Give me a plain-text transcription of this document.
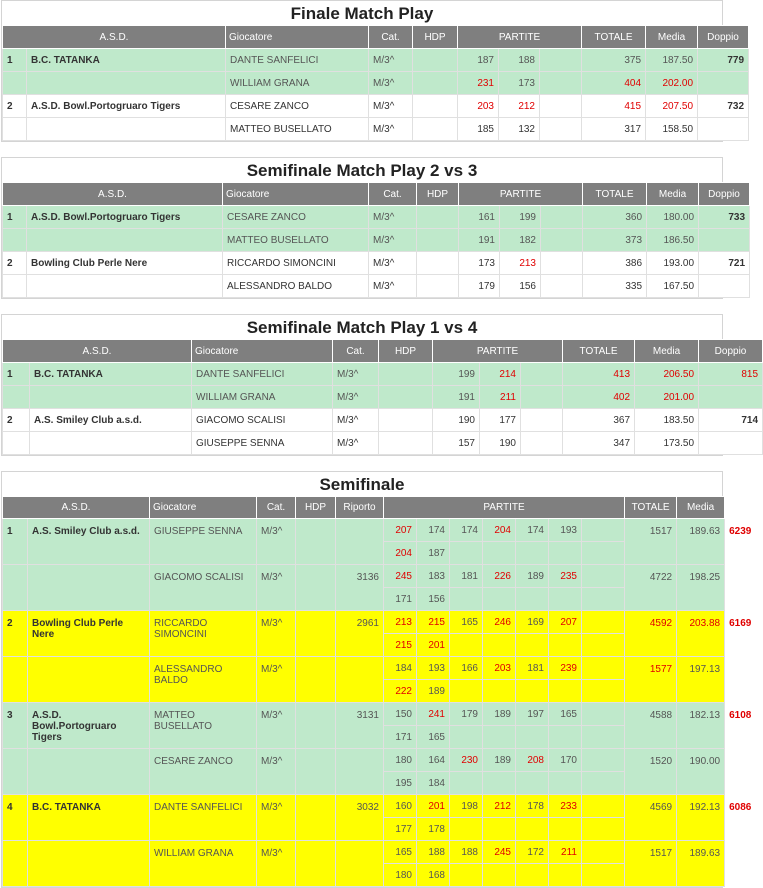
Finale Match Play
A.S.D.		Giocatore	Cat.	HDP	PARTITE			TOTALE	Media	Doppio
1	B.C. TATANKA	DANTE SANFELICI	M/3^		187	188		375	187.50	779
		WILLIAM GRANA	M/3^		231	173		404	202.00	
2	A.S.D. Bowl.Portogruaro Tigers	CESARE ZANCO	M/3^		203	212		415	207.50	732
		MATTEO BUSELLATO	M/3^		185	132		317	158.50	
Semifinale Match Play 2 vs 3
A.S.D.		Giocatore	Cat.	HDP	PARTITE			TOTALE	Media	Doppio
1	A.S.D. Bowl.Portogruaro Tigers	CESARE ZANCO	M/3^		161	199		360	180.00	733
		MATTEO BUSELLATO	M/3^		191	182		373	186.50	
2	Bowling Club Perle Nere	RICCARDO SIMONCINI	M/3^		173	213		386	193.00	721
		ALESSANDRO BALDO	M/3^		179	156		335	167.50	
Semifinale Match Play 1 vs 4
A.S.D.		Giocatore	Cat.	HDP	PARTITE			TOTALE	Media	Doppio
1	B.C. TATANKA	DANTE SANFELICI	M/3^		199	214		413	206.50	815
		WILLIAM GRANA	M/3^		191	211		402	201.00	
2	A.S. Smiley Club a.s.d.	GIACOMO SCALISI	M/3^		190	177		367	183.50	714
		GIUSEPPE SENNA	M/3^		157	190		347	173.50	
Semifinale
A.S.D.		Giocatore	Cat.	HDP	Riporto	PARTITE							TOTALE	Media	Doppio
1	A.S. Smiley Club a.s.d.	GIUSEPPE SENNA	M/3^			207	174	174	204	174	193		1517	189.63	6239
						204	187								
		GIACOMO SCALISI	M/3^		3136	245	183	181	226	189	235		4722	198.25	
						171	156								
2	Bowling Club Perle Nere	RICCARDO SIMONCINI	M/3^		2961	213	215	165	246	169	207		4592	203.88	6169
						215	201								
		ALESSANDRO BALDO	M/3^			184	193	166	203	181	239		1577	197.13	
						222	189								
3	A.S.D. Bowl.Portogruaro Tigers	MATTEO BUSELLATO	M/3^		3131	150	241	179	189	197	165		4588	182.13	6108
						171	165								
		CESARE ZANCO	M/3^			180	164	230	189	208	170		1520	190.00	
						195	184								
4	B.C. TATANKA	DANTE SANFELICI	M/3^		3032	160	201	198	212	178	233		4569	192.13	6086
						177	178								
		WILLIAM GRANA	M/3^			165	188	188	245	172	211		1517	189.63	
						180	168								
